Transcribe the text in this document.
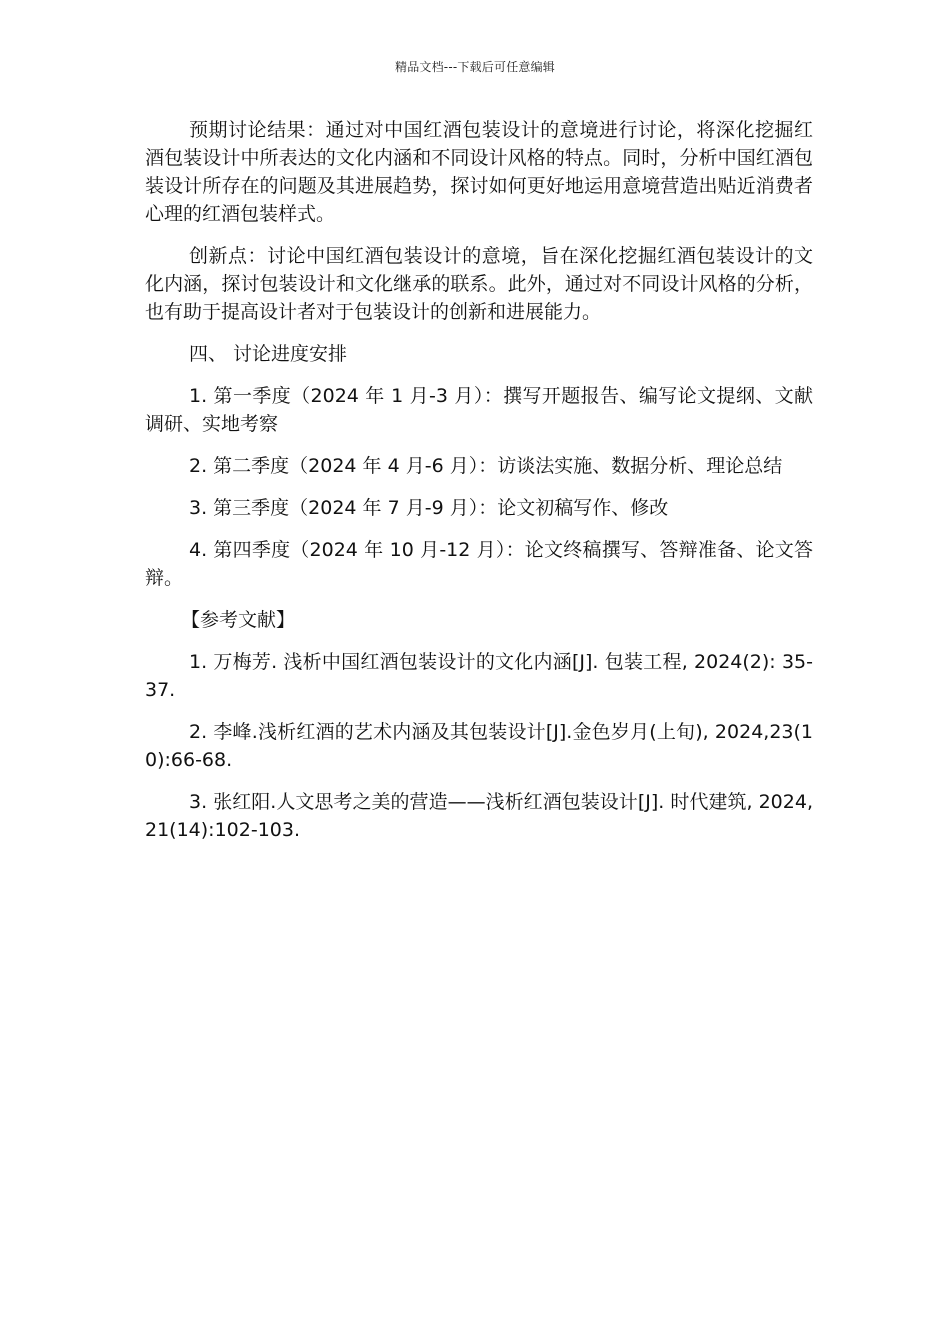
精品文档---下载后可任意编辑

预期讨论结果：通过对中国红酒包装设计的意境进行讨论，将深化挖掘红酒包装设计中所表达的文化内涵和不同设计风格的特点。同时，分析中国红酒包装设计所存在的问题及其进展趋势，探讨如何更好地运用意境营造出贴近消费者心理的红酒包装样式。

创新点：讨论中国红酒包装设计的意境，旨在深化挖掘红酒包装设计的文化内涵，探讨包装设计和文化继承的联系。此外，通过对不同设计风格的分析，也有助于提高设计者对于包装设计的创新和进展能力。

四、 讨论进度安排

1. 第一季度（2024 年 1 月-3 月）：撰写开题报告、编写论文提纲、文献调研、实地考察

2. 第二季度（2024 年 4 月-6 月）：访谈法实施、数据分析、理论总结

3. 第三季度（2024 年 7 月-9 月）：论文初稿写作、修改

4. 第四季度（2024 年 10 月-12 月）：论文终稿撰写、答辩准备、论文答辩。

【参考文献】

1. 万梅芳. 浅析中国红酒包装设计的文化内涵[J]. 包装工程, 2024(2): 35-37.

2. 李峰.浅析红酒的艺术内涵及其包装设计[J].金色岁月(上旬), 2024,23(10):66-68.

3. 张红阳.人文思考之美的营造——浅析红酒包装设计[J]. 时代建筑, 2024,21(14):102-103.
